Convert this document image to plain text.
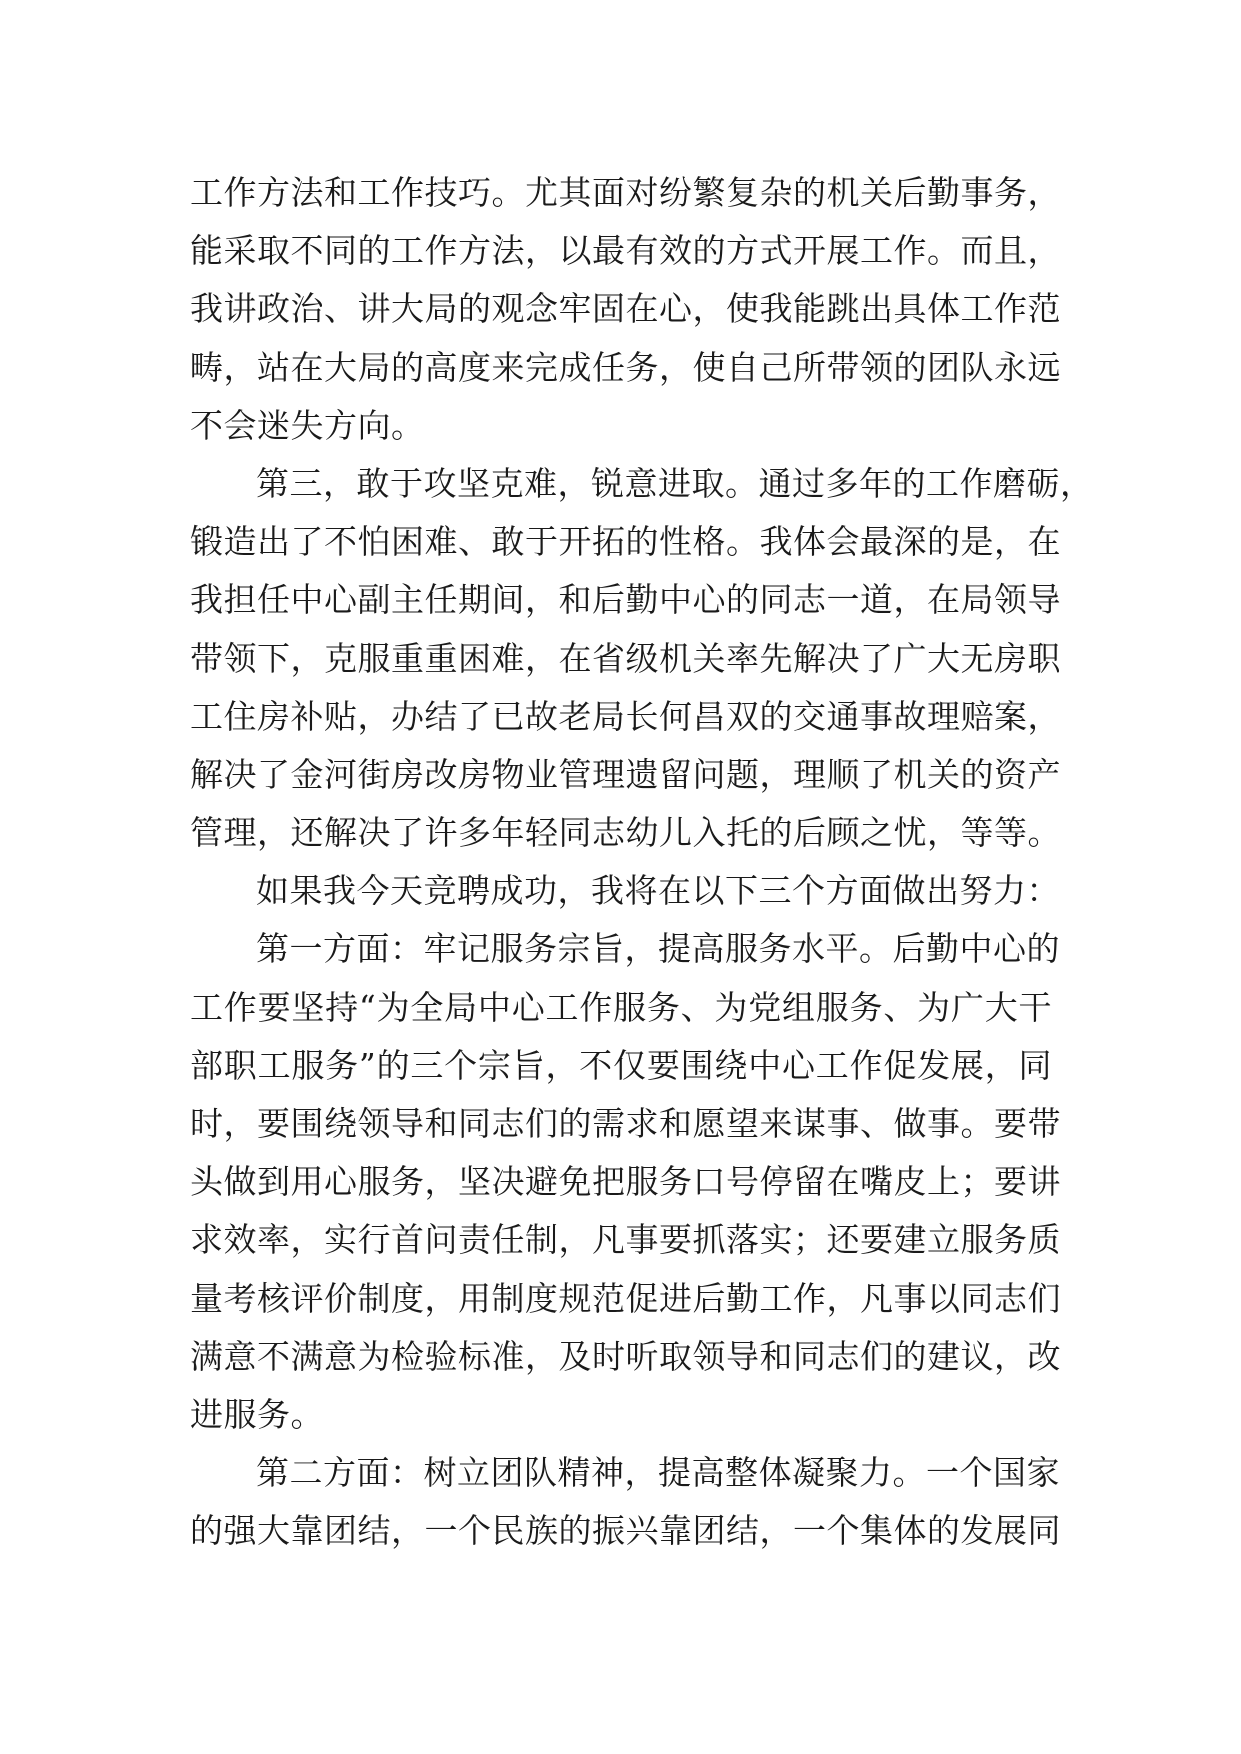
工作方法和工作技巧。尤其面对纷繁复杂的机关后勤事务，
能采取不同的工作方法，以最有效的方式开展工作。而且，
我讲政治、讲大局的观念牢固在心，使我能跳出具体工作范
畴，站在大局的高度来完成任务，使自己所带领的团队永远
不会迷失方向。
第三，敢于攻坚克难，锐意进取。通过多年的工作磨砺，
锻造出了不怕困难、敢于开拓的性格。我体会最深的是，在
我担任中心副主任期间，和后勤中心的同志一道，在局领导
带领下，克服重重困难，在省级机关率先解决了广大无房职
工住房补贴，办结了已故老局长何昌双的交通事故理赔案，
解决了金河街房改房物业管理遗留问题，理顺了机关的资产
管理，还解决了许多年轻同志幼儿入托的后顾之忧，等等。
如果我今天竞聘成功，我将在以下三个方面做出努力：
第一方面：牢记服务宗旨，提高服务水平。后勤中心的
工作要坚持“为全局中心工作服务、为党组服务、为广大干
部职工服务”的三个宗旨，不仅要围绕中心工作促发展，同
时，要围绕领导和同志们的需求和愿望来谋事、做事。要带
头做到用心服务，坚决避免把服务口号停留在嘴皮上；要讲
求效率，实行首问责任制，凡事要抓落实；还要建立服务质
量考核评价制度，用制度规范促进后勤工作，凡事以同志们
满意不满意为检验标准，及时听取领导和同志们的建议，改
进服务。
第二方面：树立团队精神，提高整体凝聚力。一个国家
的强大靠团结，一个民族的振兴靠团结，一个集体的发展同
